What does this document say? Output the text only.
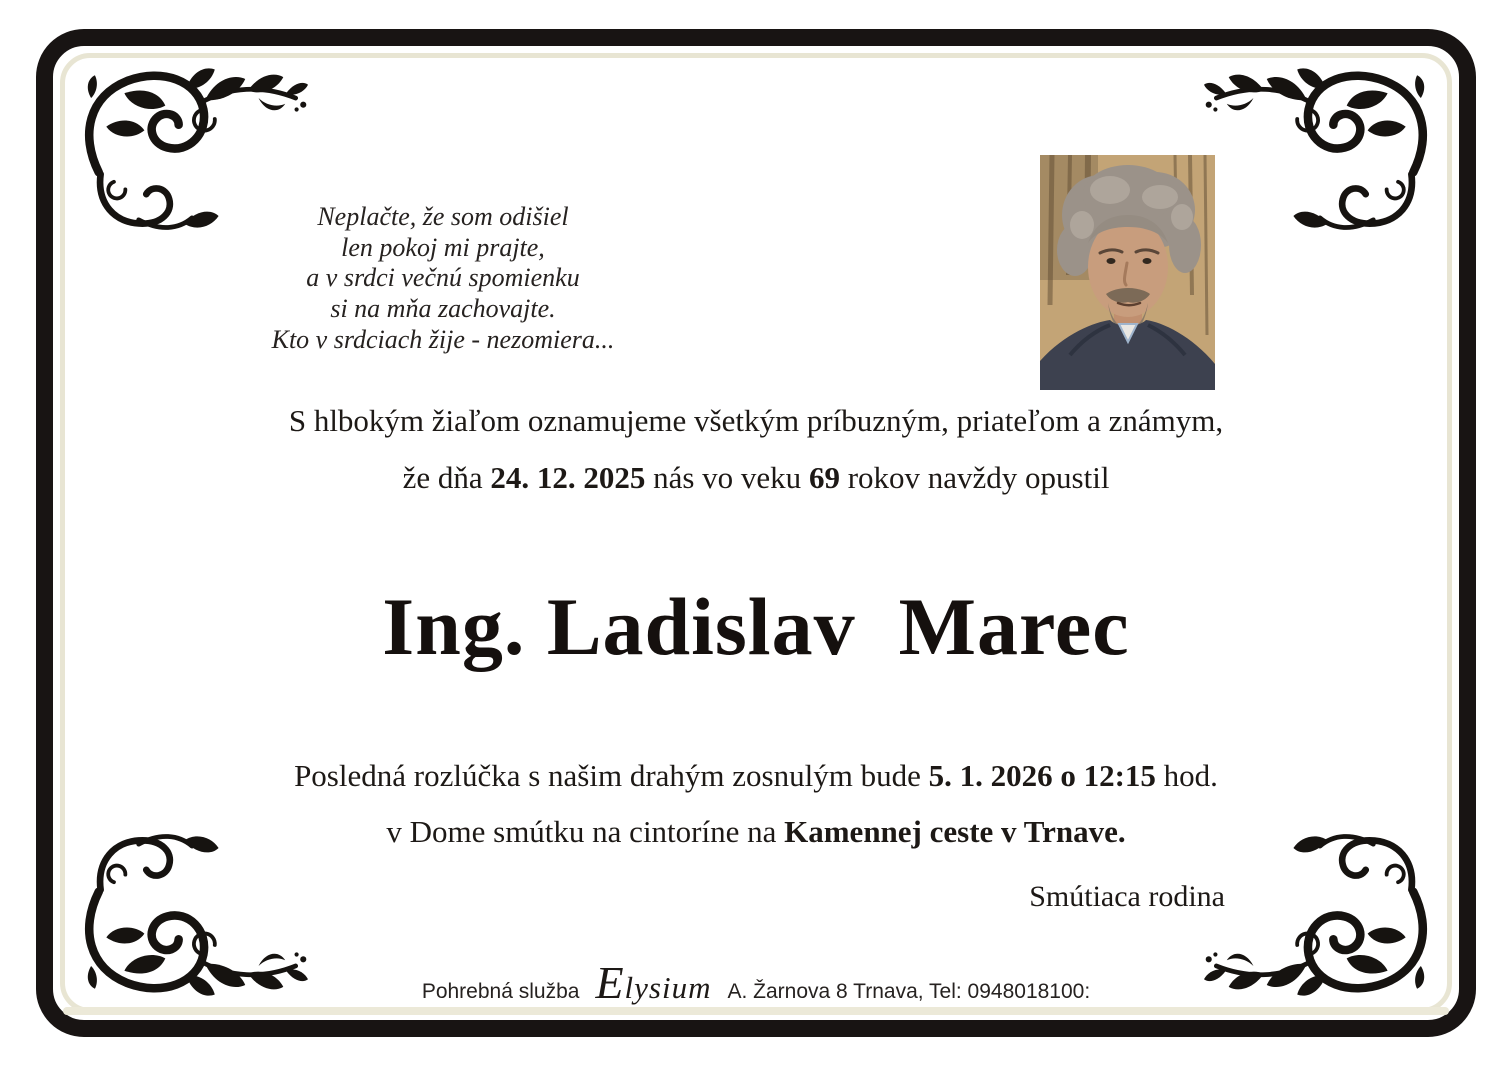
Neplačte, že som odišiel
len pokoj mi prajte,
a v srdci večnú spomienku
si na mňa zachovajte.
Kto v srdciach žije - nezomiera...

S hlbokým žiaľom oznamujeme všetkým príbuzným, priateľom a známym,

že dňa 24. 12. 2025 nás vo veku 69 rokov navždy opustil

Ing. Ladislav  Marec

Posledná rozlúčka s našim drahým zosnulým bude 5. 1. 2026 o 12:15 hod.

v Dome smútku na cintoríne na Kamennej ceste v Trnave.

Smútiaca rodina
Pohrebná služba Elysium A. Žarnova 8 Trnava, Tel: 0948018100:
